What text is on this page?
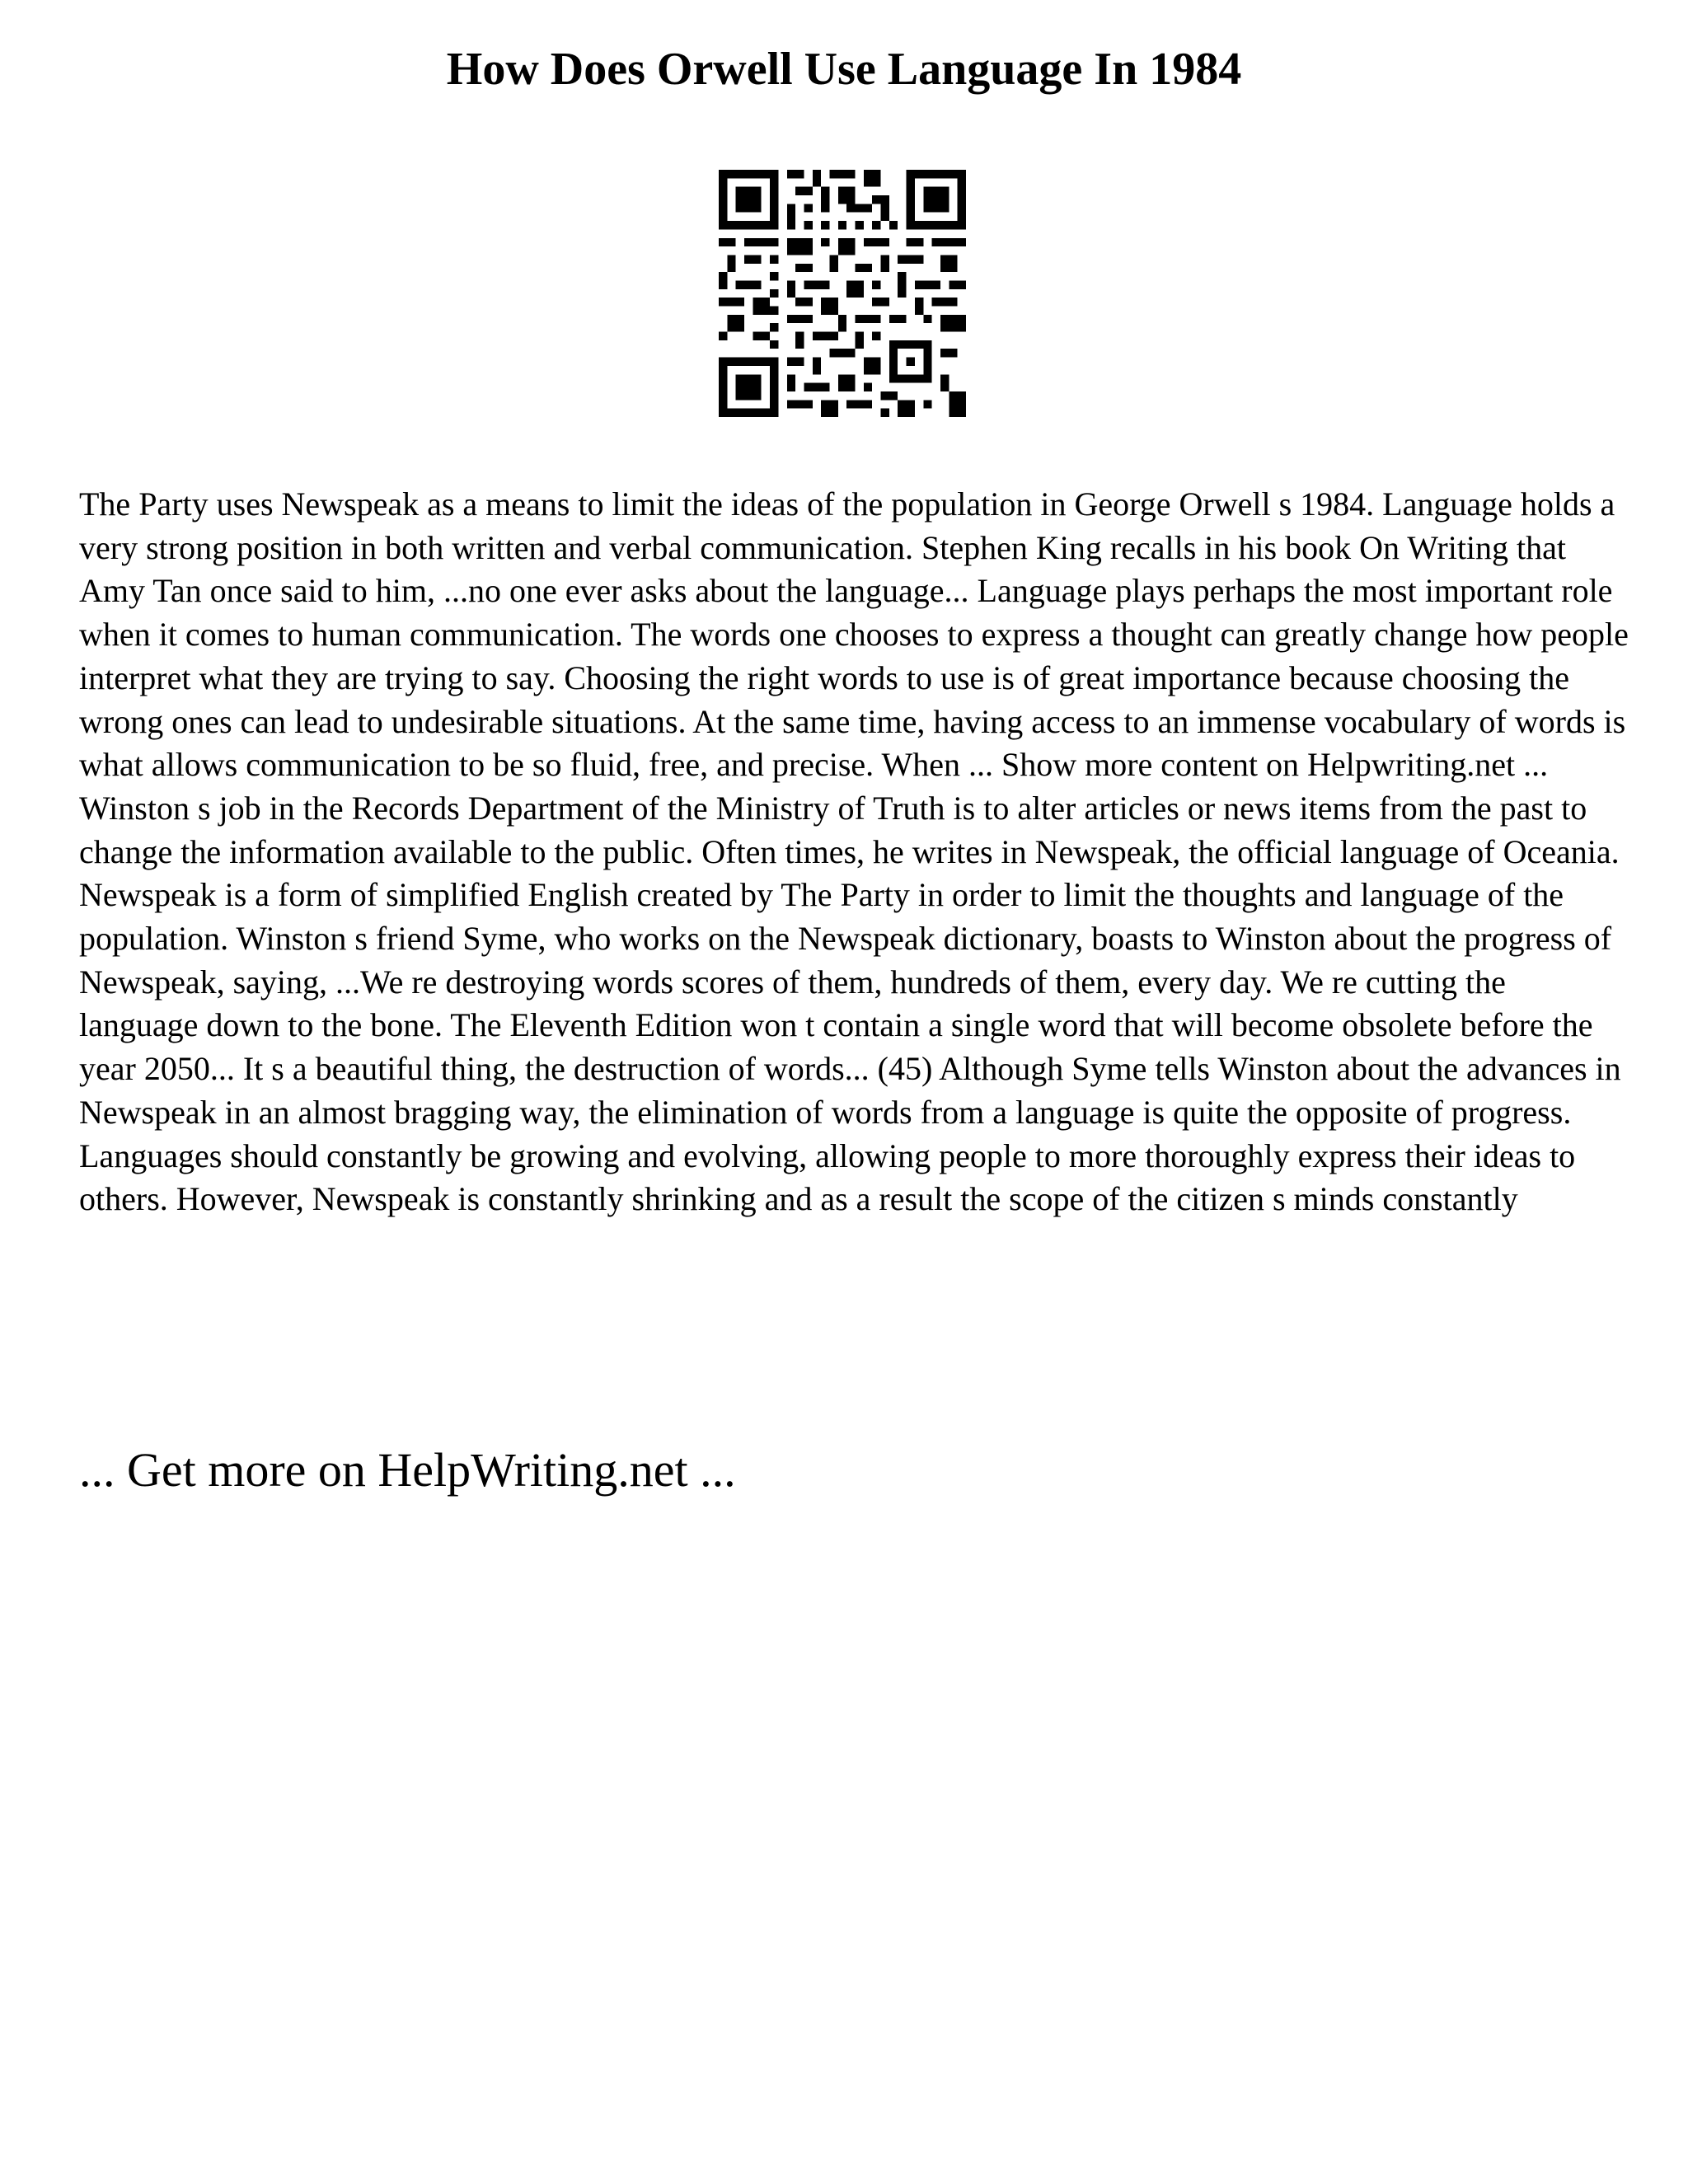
How Does Orwell Use Language In 1984

The Party uses Newspeak as a means to limit the ideas of the population in George Orwell s 1984. Language holds a very strong position in both written and verbal communication. Stephen King recalls in his book On Writing that Amy Tan once said to him, ...no one ever asks about the language... Language plays perhaps the most important role when it comes to human communication. The words one chooses to express a thought can greatly change how people interpret what they are trying to say. Choosing the right words to use is of great importance because choosing the wrong ones can lead to undesirable situations. At the same time, having access to an immense vocabulary of words is what allows communication to be so fluid, free, and precise. When ... Show more content on Helpwriting.net ...

Winston s job in the Records Department of the Ministry of Truth is to alter articles or news items from the past to change the information available to the public. Often times, he writes in Newspeak, the official language of Oceania. Newspeak is a form of simplified English created by The Party in order to limit the thoughts and language of the population. Winston s friend Syme, who works on the Newspeak dictionary, boasts to Winston about the progress of Newspeak, saying, ...We re destroying words scores of them, hundreds of them, every day. We re cutting the language down to the bone. The Eleventh Edition won t contain a single word that will become obsolete before the year 2050... It s a beautiful thing, the destruction of words... (45) Although Syme tells Winston about the advances in Newspeak in an almost bragging way, the elimination of words from a language is quite the opposite of progress. Languages should constantly be growing and evolving, allowing people to more thoroughly express their ideas to others. However, Newspeak is constantly shrinking and as a result the scope of the citizen s minds constantly

... Get more on HelpWriting.net ...
